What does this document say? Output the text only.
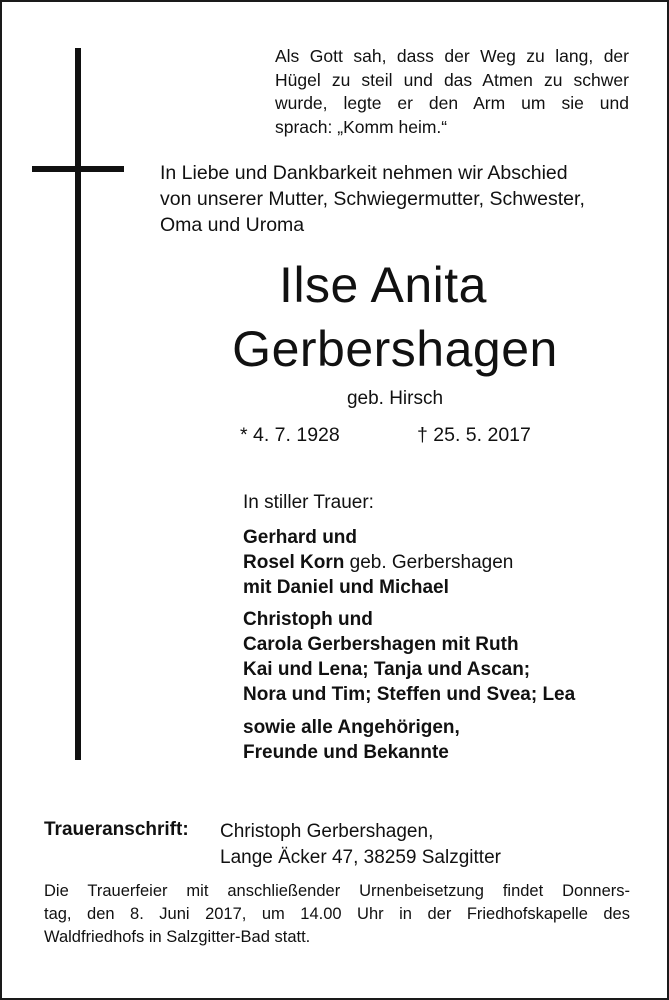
Als Gott sah, dass der Weg zu lang, der
Hügel zu steil und das Atmen zu schwer
wurde, legte er den Arm um sie und
sprach: „Komm heim.“
In Liebe und Dankbarkeit nehmen wir Abschied
von unserer Mutter, Schwiegermutter, Schwester,
Oma und Uroma
Ilse Anita
Gerbershagen
geb. Hirsch
* 4. 7. 1928	† 25. 5. 2017
In stiller Trauer:
Gerhard und
Rosel Korn geb. Gerbershagen
mit Daniel und Michael
Christoph und
Carola Gerbershagen mit Ruth
Kai und Lena; Tanja und Ascan;
Nora und Tim; Steffen und Svea; Lea
sowie alle Angehörigen,
Freunde und Bekannte
Traueranschrift: Christoph Gerbershagen,
Lange Äcker 47, 38259 Salzgitter
Die Trauerfeier mit anschließender Urnenbeisetzung findet Donners-
tag, den 8. Juni 2017, um 14.00 Uhr in der Friedhofskapelle des
Waldfriedhofs in Salzgitter-Bad statt.
